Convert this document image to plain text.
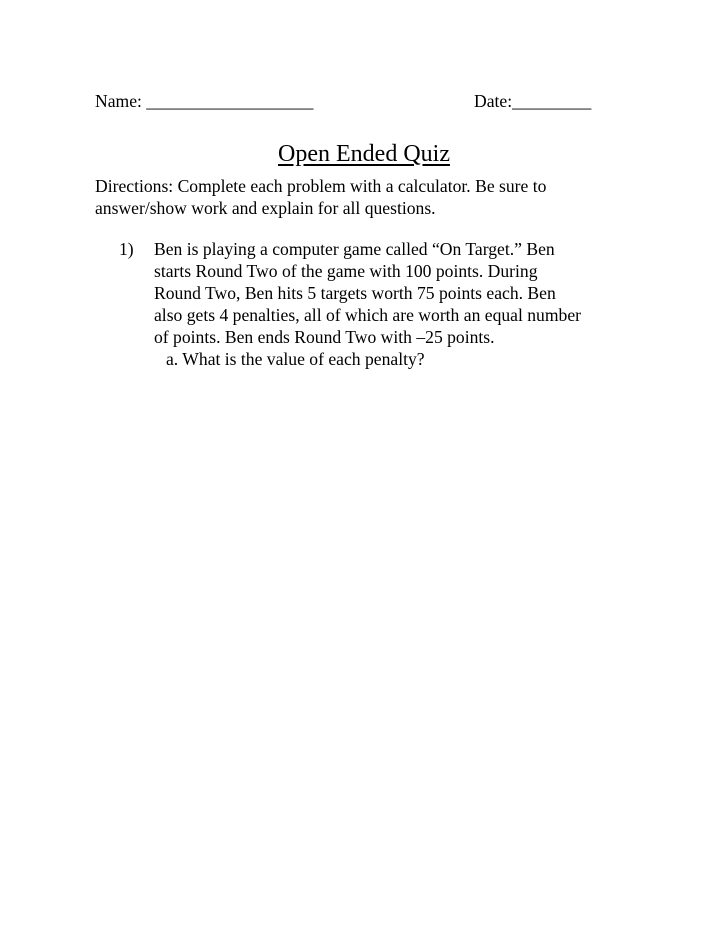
Name: ___________________	Date:_________
Open Ended Quiz
Directions: Complete each problem with a calculator. Be sure to
answer/show work and explain for all questions.
1) Ben is playing a computer game called “On Target.” Ben
starts Round Two of the game with 100 points. During
Round Two, Ben hits 5 targets worth 75 points each. Ben
also gets 4 penalties, all of which are worth an equal number
of points. Ben ends Round Two with –25 points.
a. What is the value of each penalty?
